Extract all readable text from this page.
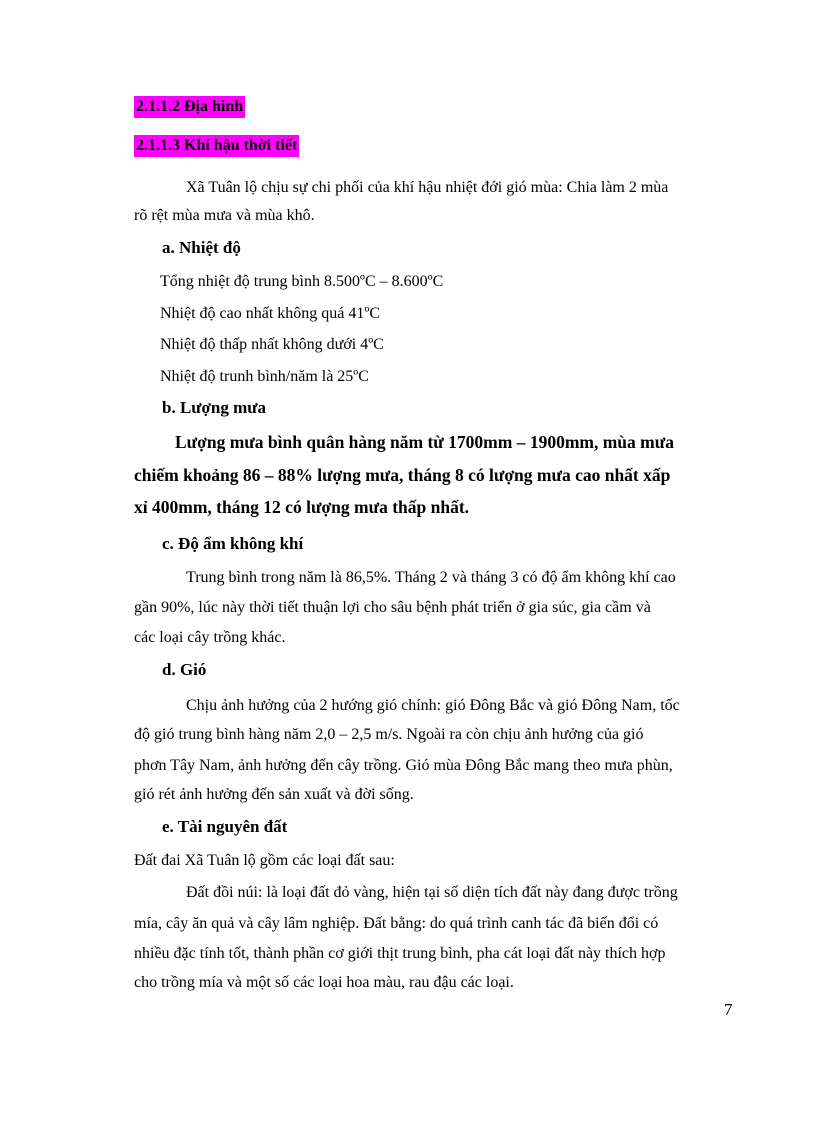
2.1.1.2 Địa hình
2.1.1.3 Khí hậu thời tiết
Xã Tuân lộ chịu sự chi phối của khí hậu nhiệt đới gió mùa: Chia làm 2 mùa
rõ rệt mùa mưa và mùa khô.
a. Nhiệt độ
Tổng nhiệt độ trung bình 8.500ºC – 8.600ºC
Nhiệt độ cao nhất không quá 41ºC
Nhiệt độ thấp nhất không dưới 4ºC
Nhiệt độ trunh bình/năm là 25ºC
b. Lượng mưa
Lượng mưa bình quân hàng năm từ 1700mm – 1900mm, mùa mưa
chiếm khoảng 86 – 88% lượng mưa, tháng 8 có lượng mưa cao nhất xấp
xỉ 400mm, tháng 12 có lượng mưa thấp nhất.
c. Độ ẩm không khí
Trung bình trong năm là 86,5%. Tháng 2 và tháng 3 có độ ẩm không khí cao
gần 90%, lúc này thời tiết thuận lợi cho sâu bệnh phát triển ở gia súc, gia cầm và
các loại cây trồng khác.
d. Gió
Chịu ảnh hưởng của 2 hướng gió chính: gió Đông Bắc và gió Đông Nam, tốc
độ gió trung bình hàng năm 2,0 – 2,5 m/s. Ngoài ra còn chịu ảnh hưởng của gió
phơn Tây Nam, ảnh hưởng đến cây trồng. Gió mùa Đông Bắc mang theo mưa phùn,
gió rét ảnh hưởng đến sản xuất và đời sống.
e. Tài nguyên đất
Đất đai Xã Tuân lộ gồm các loại đất sau:
Đất đồi núi: là loại đất đỏ vàng, hiện tại số diện tích đất này đang được trồng
mía, cây ăn quả và cây lâm nghiệp. Đất bằng: do quá trình canh tác đã biến đổi có
nhiều đặc tính tốt, thành phần cơ giới thịt trung bình, pha cát loại đất này thích hợp
cho trồng mía và một số các loại hoa màu, rau đậu các loại.
7
